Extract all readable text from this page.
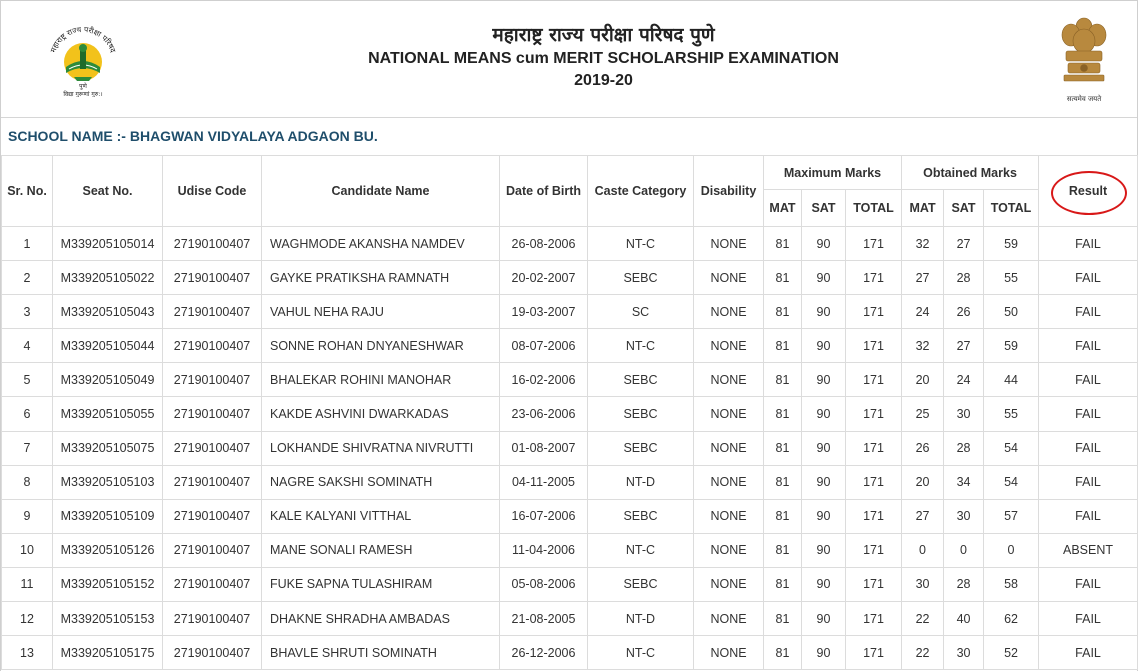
महाराष्ट्र राज्य परीक्षा परिषद
पुणे
विद्या गुरूणां गुरु:।
महाराष्ट्र राज्य परीक्षा परिषद पुणे
NATIONAL MEANS cum MERIT SCHOLARSHIP EXAMINATION
2019-20
सत्यमेव जयते
SCHOOL NAME :- BHAGWAN VIDYALAYA ADGAON BU.
Sr. No.	Seat No.	Udise Code	Candidate Name	Date of Birth	Caste Category	Disability	Maximum Marks			Obtained Marks			Result

							MAT	SAT	TOTAL	MAT	SAT	TOTAL	
1	M339205105014	27190100407	WAGHMODE AKANSHA NAMDEV	26-08-2006	NT-C	NONE	81	90	171	32	27	59	FAIL
2	M339205105022	27190100407	GAYKE PRATIKSHA RAMNATH	20-02-2007	SEBC	NONE	81	90	171	27	28	55	FAIL
3	M339205105043	27190100407	VAHUL NEHA RAJU	19-03-2007	SC	NONE	81	90	171	24	26	50	FAIL
4	M339205105044	27190100407	SONNE ROHAN DNYANESHWAR	08-07-2006	NT-C	NONE	81	90	171	32	27	59	FAIL
5	M339205105049	27190100407	BHALEKAR ROHINI MANOHAR	16-02-2006	SEBC	NONE	81	90	171	20	24	44	FAIL
6	M339205105055	27190100407	KAKDE ASHVINI DWARKADAS	23-06-2006	SEBC	NONE	81	90	171	25	30	55	FAIL
7	M339205105075	27190100407	LOKHANDE SHIVRATNA NIVRUTTI	01-08-2007	SEBC	NONE	81	90	171	26	28	54	FAIL
8	M339205105103	27190100407	NAGRE SAKSHI SOMINATH	04-11-2005	NT-D	NONE	81	90	171	20	34	54	FAIL
9	M339205105109	27190100407	KALE KALYANI VITTHAL	16-07-2006	SEBC	NONE	81	90	171	27	30	57	FAIL
10	M339205105126	27190100407	MANE SONALI RAMESH	11-04-2006	NT-C	NONE	81	90	171	0	0	0	ABSENT
11	M339205105152	27190100407	FUKE SAPNA TULASHIRAM	05-08-2006	SEBC	NONE	81	90	171	30	28	58	FAIL
12	M339205105153	27190100407	DHAKNE SHRADHA AMBADAS	21-08-2005	NT-D	NONE	81	90	171	22	40	62	FAIL
13	M339205105175	27190100407	BHAVLE SHRUTI SOMINATH	26-12-2006	NT-C	NONE	81	90	171	22	30	52	FAIL
